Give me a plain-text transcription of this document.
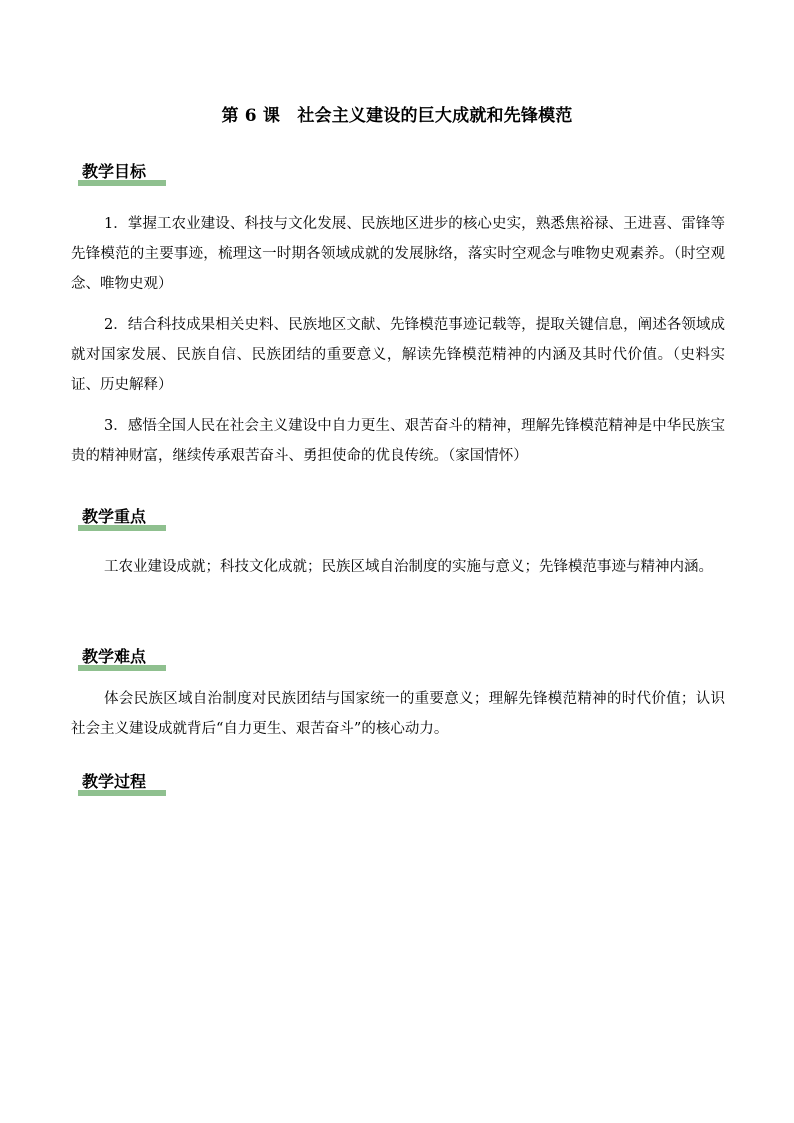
第 6 课　社会主义建设的巨大成就和先锋模范
教学目标

1．掌握工农业建设、科技与文化发展、民族地区进步的核心史实，熟悉焦裕禄、王进喜、雷锋等先锋模范的主要事迹，梳理这一时期各领域成就的发展脉络，落实时空观念与唯物史观素养。（时空观念、唯物史观）

2．结合科技成果相关史料、民族地区文献、先锋模范事迹记载等，提取关键信息，阐述各领域成就对国家发展、民族自信、民族团结的重要意义，解读先锋模范精神的内涵及其时代价值。（史料实证、历史解释）

3．感悟全国人民在社会主义建设中自力更生、艰苦奋斗的精神，理解先锋模范精神是中华民族宝贵的精神财富，继续传承艰苦奋斗、勇担使命的优良传统。（家国情怀）

教学重点

工农业建设成就；科技文化成就；民族区域自治制度的实施与意义；先锋模范事迹与精神内涵。

教学难点

体会民族区域自治制度对民族团结与国家统一的重要意义；理解先锋模范精神的时代价值；认识社会主义建设成就背后“自力更生、艰苦奋斗”的核心动力。

教学过程
